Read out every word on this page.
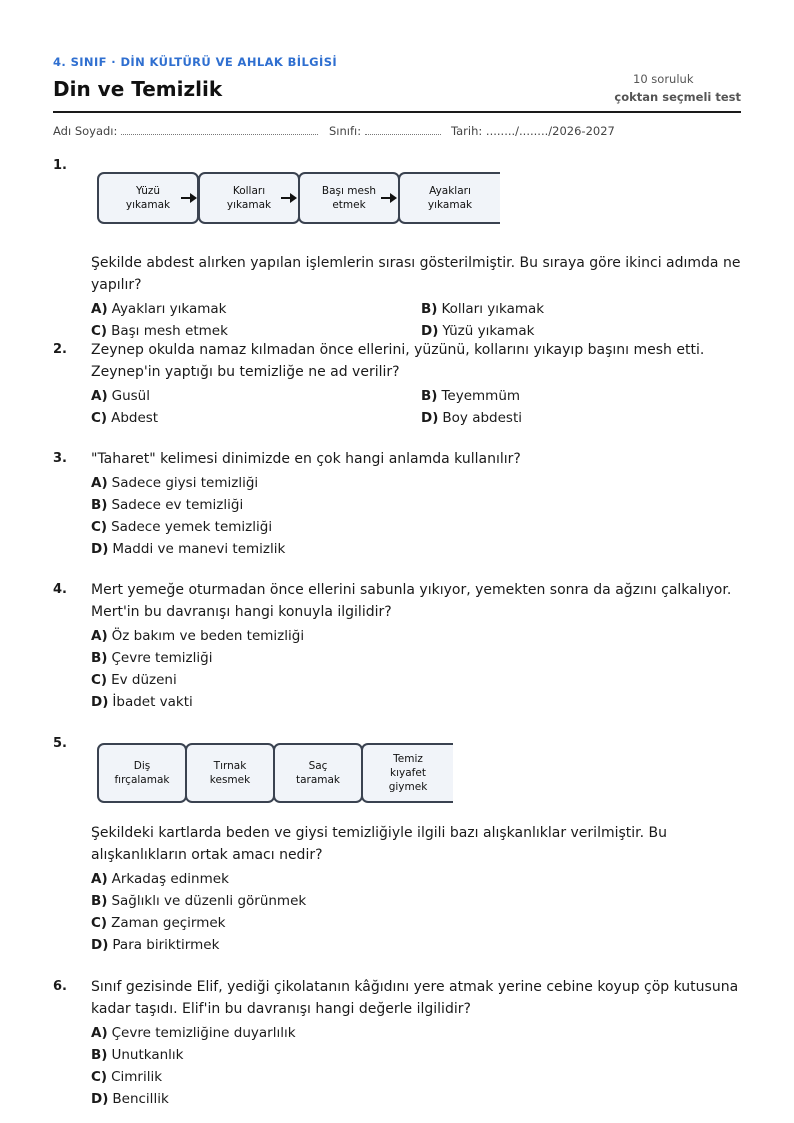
4. SINIF · DİN KÜLTÜRÜ VE AHLAK BİLGİSİ
Din ve Temizlik	10 soruluk
çoktan seçmeli test
Adı Soyadı:	Sınıfı:	Tarih: ......../......../2026-2027
1.
Yüzü yıkamak
Kolları yıkamak
Başı mesh etmek
Ayakları yıkamak

Şekilde abdest alırken yapılan işlemlerin sırası gösterilmiştir. Bu sıraya göre ikinci adımda ne yapılır?

A) Ayakları yıkamak	B) Kolları yıkamak
C) Başı mesh etmek	D) Yüzü yıkamak
2. Zeynep okulda namaz kılmadan önce ellerini, yüzünü, kollarını yıkayıp başını mesh etti. Zeynep'in yaptığı bu temizliğe ne ad verilir?

A) Gusül	B) Teyemmüm
C) Abdest	D) Boy abdesti
3. "Taharet" kelimesi dinimizde en çok hangi anlamda kullanılır?

A) Sadece giysi temizliği
B) Sadece ev temizliği
C) Sadece yemek temizliği
D) Maddi ve manevi temizlik
4. Mert yemeğe oturmadan önce ellerini sabunla yıkıyor, yemekten sonra da ağzını çalkalıyor. Mert'in bu davranışı hangi konuyla ilgilidir?

A) Öz bakım ve beden temizliği
B) Çevre temizliği
C) Ev düzeni
D) İbadet vakti
5.
Diş fırçalamak
Tırnak kesmek
Saç taramak
Temiz kıyafet giymek

Şekildeki kartlarda beden ve giysi temizliğiyle ilgili bazı alışkanlıklar verilmiştir. Bu alışkanlıkların ortak amacı nedir?

A) Arkadaş edinmek
B) Sağlıklı ve düzenli görünmek
C) Zaman geçirmek
D) Para biriktirmek
6. Sınıf gezisinde Elif, yediği çikolatanın kâğıdını yere atmak yerine cebine koyup çöp kutusuna kadar taşıdı. Elif'in bu davranışı hangi değerle ilgilidir?

A) Çevre temizliğine duyarlılık
B) Unutkanlık
C) Cimrilik
D) Bencillik
